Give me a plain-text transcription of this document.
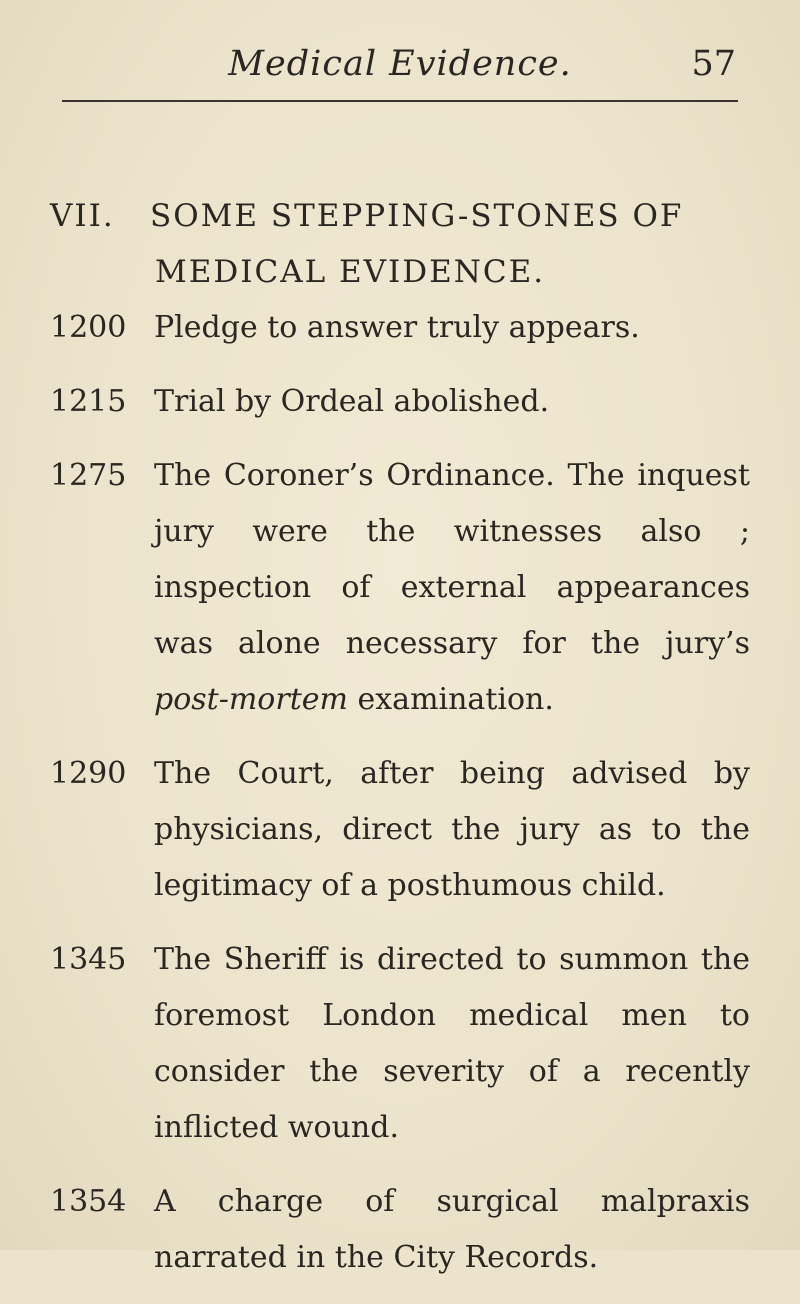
Medical Evidence.	57
VII. SOME STEPPING-STONES OF
MEDICAL EVIDENCE.
1200 Pledge to answer truly appears.
1215 Trial by Ordeal abolished.
1275 The Coroner’s Ordinance. The inquest jury were the witnesses also ; inspection of external appearances was alone necessary for the jury’s post-mortem examination.
1290 The Court, after being advised by physicians, direct the jury as to the legitimacy of a posthumous child.
1345 The Sheriff is directed to summon the foremost London medical men to consider the severity of a recently inflicted wound.
1354 A charge of surgical malpraxis narrated in the City Records.
